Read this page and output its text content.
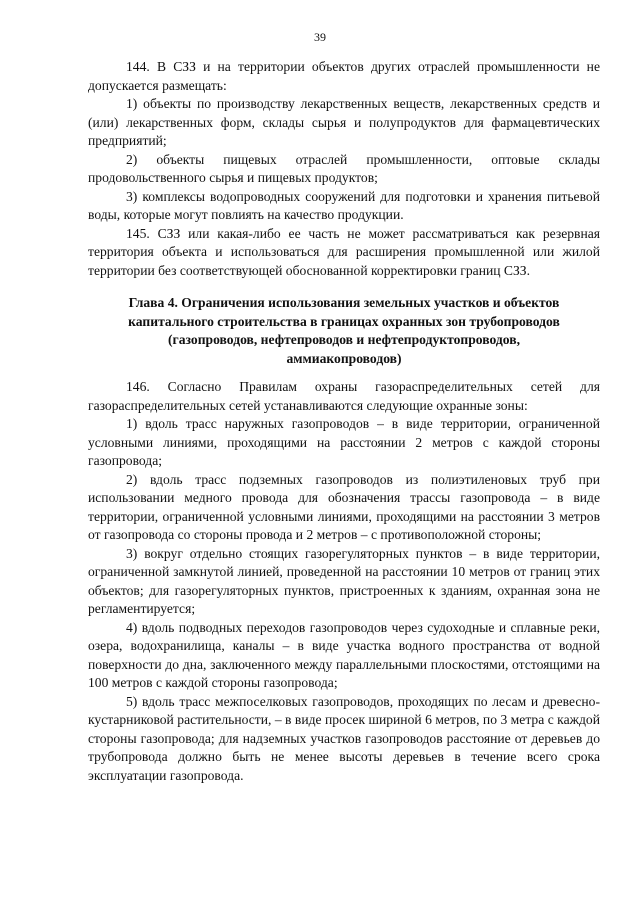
39

144. В СЗЗ и на территории объектов других отраслей промышленности не допускается размещать:

1) объекты по производству лекарственных веществ, лекарственных средств и (или) лекарственных форм, склады сырья и полупродуктов для фармацевтических предприятий;

2) объекты пищевых отраслей промышленности, оптовые склады продовольственного сырья и пищевых продуктов;

3) комплексы водопроводных сооружений для подготовки и хранения питьевой воды, которые могут повлиять на качество продукции.

145. СЗЗ или какая-либо ее часть не может рассматриваться как резервная территория объекта и использоваться для расширения промышленной или жилой территории без соответствующей обоснованной корректировки границ СЗЗ.

Глава 4. Ограничения использования земельных участков и объектов
капитального строительства в границах охранных зон трубопроводов
(газопроводов, нефтепроводов и нефтепродуктопроводов,
аммиакопроводов)

146. Согласно Правилам охраны газораспределительных сетей для газораспределительных сетей устанавливаются следующие охранные зоны:

1) вдоль трасс наружных газопроводов – в виде территории, ограниченной условными линиями, проходящими на расстоянии 2 метров с каждой стороны газопровода;

2) вдоль трасс подземных газопроводов из полиэтиленовых труб при использовании медного провода для обозначения трассы газопровода – в виде территории, ограниченной условными линиями, проходящими на расстоянии 3 метров от газопровода со стороны провода и 2 метров – с противоположной стороны;

3) вокруг отдельно стоящих газорегуляторных пунктов – в виде территории, ограниченной замкнутой линией, проведенной на расстоянии 10 метров от границ этих объектов; для газорегуляторных пунктов, пристроенных к зданиям, охранная зона не регламентируется;

4) вдоль подводных переходов газопроводов через судоходные и сплавные реки, озера, водохранилища, каналы – в виде участка водного пространства от водной поверхности до дна, заключенного между параллельными плоскостями, отстоящими на 100 метров с каждой стороны газопровода;

5) вдоль трасс межпоселковых газопроводов, проходящих по лесам и древесно-кустарниковой растительности, – в виде просек шириной 6 метров, по 3 метра с каждой стороны газопровода; для надземных участков газопроводов расстояние от деревьев до трубопровода должно быть не менее высоты деревьев в течение всего срока эксплуатации газопровода.
